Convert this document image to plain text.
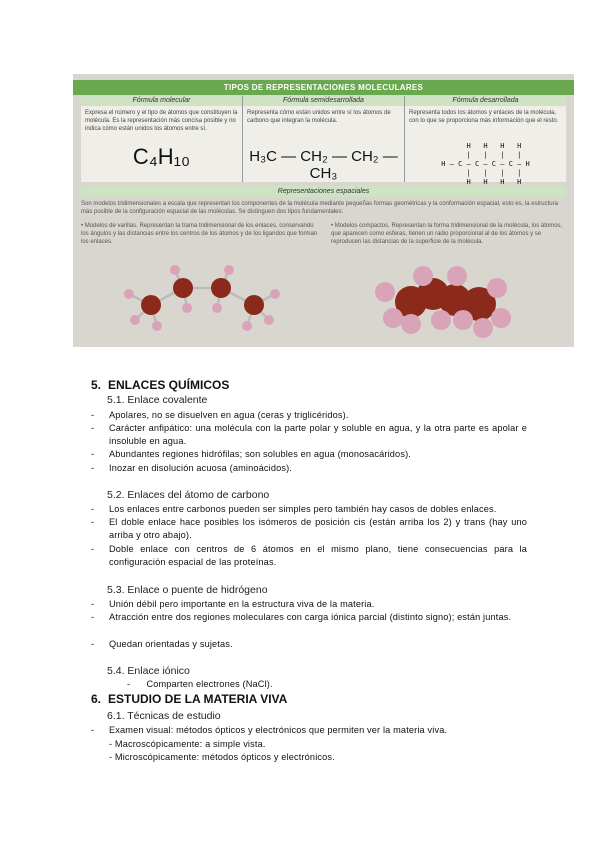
TIPOS DE REPRESENTACIONES MOLECULARES
Fórmula molecular
Expresa el número y el tipo de átomos que constituyen la molécula. Es la representación más concisa posible y no indica cómo están unidos los átomos entre sí.
C₄H₁₀
Fórmula semidesarrollada
Representa cómo están unidos entre sí los átomos de carbono que integran la molécula.
H₃C — CH₂ — CH₂ — CH₃
Fórmula desarrollada
Representa todos los átomos y enlaces de la molécula, con lo que se proporciona más información que el resto.
H   H   H   H
|   |   |   |
H — C — C — C — C — H
|   |   |   |
H   H   H   H
Representaciones espaciales
Son modelos tridimensionales a escala que representan los componentes de la molécula mediante pequeñas formas geométricas y la conformación espacial, esto es, la estructura más posible de la configuración espacial de las moléculas. Se distinguen dos tipos fundamentales:
• Modelos de varillas. Representan la trama tridimensional de los enlaces, conservando los ángulos y las distancias entre los centros de los átomos y de los ligandos que forman los enlaces.
• Modelos compactos. Representan la forma tridimensional de la molécula, los átomos, que aparecen como esferas, tienen un radio proporcional al de los átomos y se reproducen las distancias de la superficie de la molécula.
5. ENLACES QUÍMICOS
5.1. Enlace covalente
- Apolares, no se disuelven en agua (ceras y triglicéridos).
- Carácter anfipático: una molécula con la parte polar y soluble en agua, y la otra parte es apolar e insoluble en agua.
- Abundantes regiones hidrófilas; son solubles en agua (monosacáridos).
- Inozar en disolución acuosa (aminoácidos).
5.2. Enlaces del átomo de carbono
- Los enlaces entre carbonos pueden ser simples pero también hay casos de dobles enlaces.
- El doble enlace hace posibles los isómeros de posición cis (están arriba los 2) y trans (hay uno arriba y otro abajo).
- Doble enlace con centros de 6 átomos en el mismo plano, tiene consecuencias para la configuración espacial de las proteínas.
5.3. Enlace o puente de hidrógeno
- Unión débil pero importante en la estructura viva de la materia.
- Atracción entre dos regiones moleculares con carga iónica parcial (distinto signo); están juntas.
- Quedan orientadas y sujetas.
5.4. Enlace iónico
- Comparten electrones (NaCl).
6. ESTUDIO DE LA MATERIA VIVA
6.1. Técnicas de estudio
- Examen visual: métodos ópticos y electrónicos que permiten ver la materia viva.
- Macroscópicamente: a simple vista.
- Microscópicamente: métodos ópticos y electrónicos.
